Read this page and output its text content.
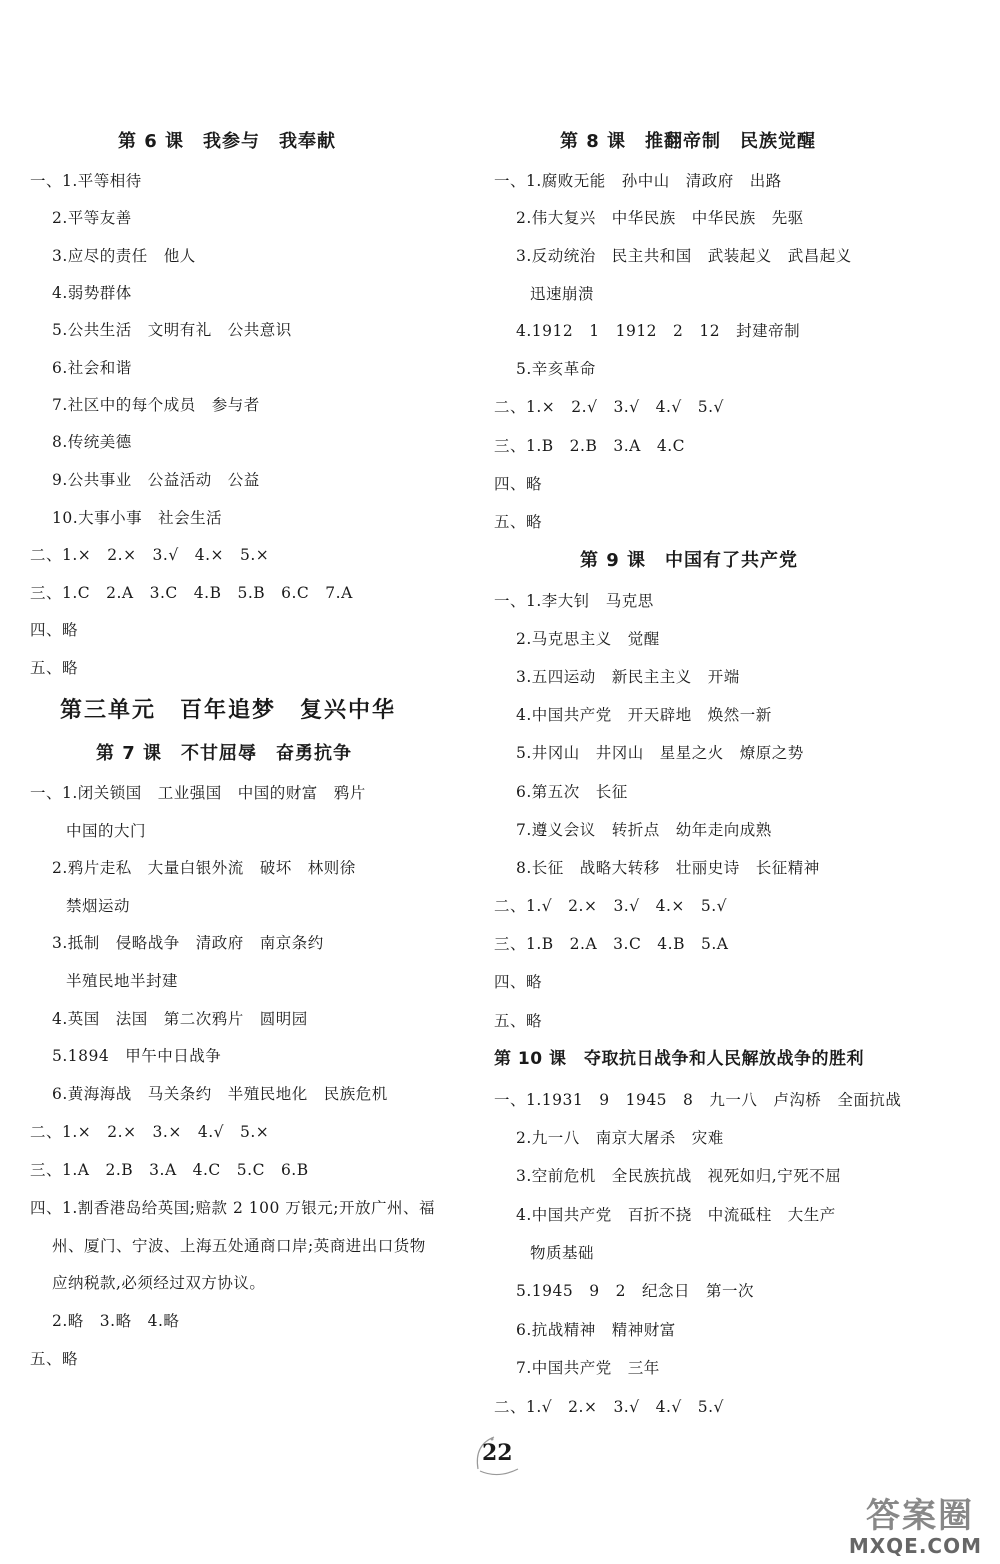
第 6 课　我参与　我奉献
一、1.平等相待
2.平等友善
3.应尽的责任　他人
4.弱势群体
5.公共生活　文明有礼　公共意识
6.社会和谐
7.社区中的每个成员　参与者
8.传统美德
9.公共事业　公益活动　公益
10.大事小事　社会生活
二、1.×　2.×　3.√　4.×　5.×
三、1.C　2.A　3.C　4.B　5.B　6.C　7.A
四、略
五、略
第三单元　百年追梦　复兴中华
第 7 课　不甘屈辱　奋勇抗争
一、1.闭关锁国　工业强国　中国的财富　鸦片
中国的大门
2.鸦片走私　大量白银外流　破坏　林则徐
禁烟运动
3.抵制　侵略战争　清政府　南京条约
半殖民地半封建
4.英国　法国　第二次鸦片　圆明园
5.1894　甲午中日战争
6.黄海海战　马关条约　半殖民地化　民族危机
二、1.×　2.×　3.×　4.√　5.×
三、1.A　2.B　3.A　4.C　5.C　6.B
四、1.割香港岛给英国;赔款 2 100 万银元;开放广州、福
州、厦门、宁波、上海五处通商口岸;英商进出口货物
应纳税款,必须经过双方协议。
2.略　3.略　4.略
五、略
第 8 课　推翻帝制　民族觉醒
一、1.腐败无能　孙中山　清政府　出路
2.伟大复兴　中华民族　中华民族　先驱
3.反动统治　民主共和国　武装起义　武昌起义
迅速崩溃
4.1912　1　1912　2　12　封建帝制
5.辛亥革命
二、1.×　2.√　3.√　4.√　5.√
三、1.B　2.B　3.A　4.C
四、略
五、略
第 9 课　中国有了共产党
一、1.李大钊　马克思
2.马克思主义　觉醒
3.五四运动　新民主主义　开端
4.中国共产党　开天辟地　焕然一新
5.井冈山　井冈山　星星之火　燎原之势
6.第五次　长征
7.遵义会议　转折点　幼年走向成熟
8.长征　战略大转移　壮丽史诗　长征精神
二、1.√　2.×　3.√　4.×　5.√
三、1.B　2.A　3.C　4.B　5.A
四、略
五、略
第 10 课　夺取抗日战争和人民解放战争的胜利
一、1.1931　9　1945　8　九一八　卢沟桥　全面抗战
2.九一八　南京大屠杀　灾难
3.空前危机　全民族抗战　视死如归,宁死不屈
4.中国共产党　百折不挠　中流砥柱　大生产
物质基础
5.1945　9　2　纪念日　第一次
6.抗战精神　精神财富
7.中国共产党　三年
二、1.√　2.×　3.√　4.√　5.√
22
答案圈
MXQE.COM
